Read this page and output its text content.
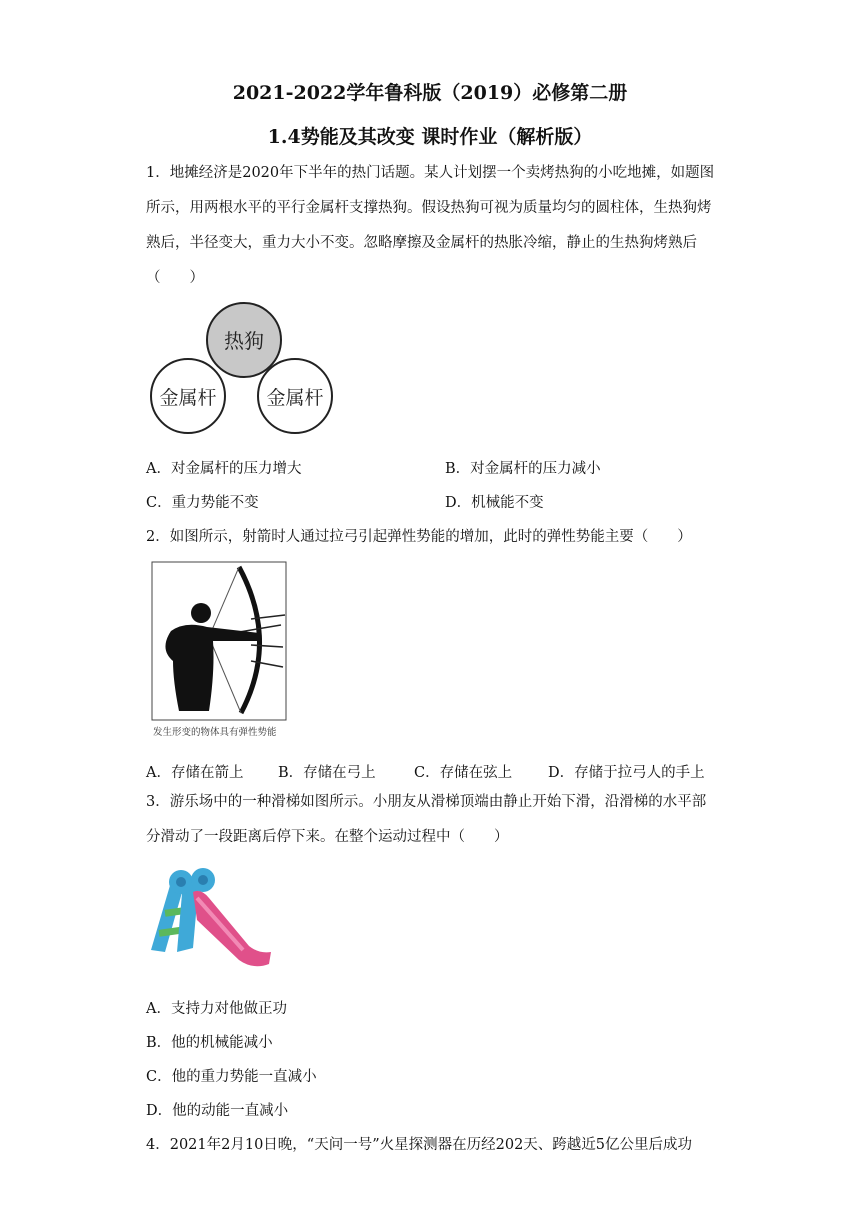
2021-2022学年鲁科版（2019）必修第二册
1.4势能及其改变 课时作业（解析版）

1．地摊经济是2020年下半年的热门话题。某人计划摆一个卖烤热狗的小吃地摊，如题图所示，用两根水平的平行金属杆支撑热狗。假设热狗可视为质量均匀的圆柱体，生热狗烤熟后，半径变大，重力大小不变。忽略摩擦及金属杆的热胀冷缩，静止的生热狗烤熟后（　　）

热狗
金属杆	金属杆
A．对金属杆的压力增大	B．对金属杆的压力减小
C．重力势能不变	D．机械能不变
2．如图所示，射箭时人通过拉弓引起弹性势能的增加，此时的弹性势能主要（　　）
发生形变的物体具有弹性势能
A．存储在箭上 B．存储在弓上	C．存储在弦上 D．存储于拉弓人的手上

3．游乐场中的一种滑梯如图所示。小朋友从滑梯顶端由静止开始下滑，沿滑梯的水平部分滑动了一段距离后停下来。在整个运动过程中（　　）

A．支持力对他做正功
B．他的机械能减小
C．他的重力势能一直减小
D．他的动能一直减小
4．2021年2月10日晚，“天问一号”火星探测器在历经202天、跨越近5亿公里后成功
